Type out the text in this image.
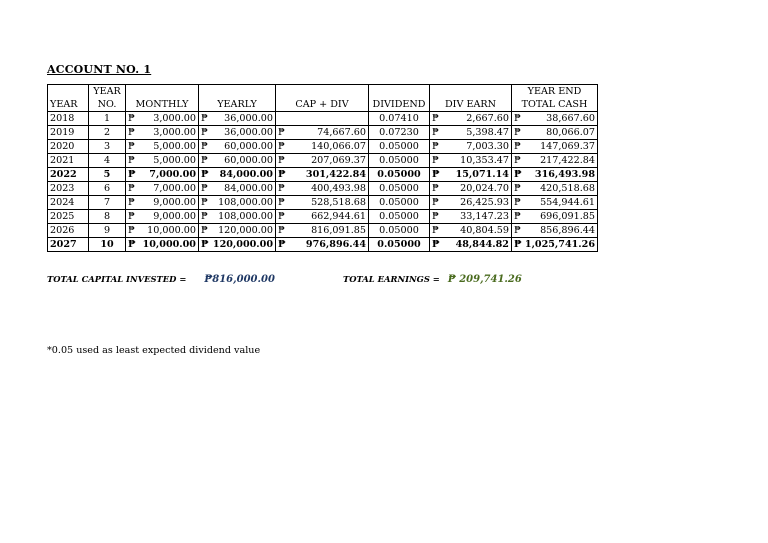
ACCOUNT NO. 1
	YEAR						YEAR END
YEAR	NO.	MONTHLY	YEARLY	CAP + DIV	DIVIDEND	DIV EARN	TOTAL CASH
2018	1	₱ 3,000.00	₱ 36,000.00		0.07410	₱ 2,667.60	₱ 38,667.60

2019	2	₱ 3,000.00	₱ 36,000.00	₱ 74,667.60	0.07230	₱ 5,398.47	₱ 80,066.07

2020	3	₱ 5,000.00	₱ 60,000.00	₱ 140,066.07	0.05000	₱ 7,003.30	₱ 147,069.37

2021	4	₱ 5,000.00	₱ 60,000.00	₱ 207,069.37	0.05000	₱ 10,353.47	₱ 217,422.84

2022	5	₱ 7,000.00	₱ 84,000.00	₱ 301,422.84	0.05000	₱ 15,071.14	₱ 316,493.98

2023	6	₱ 7,000.00	₱ 84,000.00	₱ 400,493.98	0.05000	₱ 20,024.70	₱ 420,518.68

2024	7	₱ 9,000.00	₱ 108,000.00	₱ 528,518.68	0.05000	₱ 26,425.93	₱ 554,944.61

2025	8	₱ 9,000.00	₱ 108,000.00	₱ 662,944.61	0.05000	₱ 33,147.23	₱ 696,091.85

2026	9	₱ 10,000.00	₱ 120,000.00	₱ 816,091.85	0.05000	₱ 40,804.59	₱ 856,896.44

2027	10	₱ 10,000.00	₱ 120,000.00	₱ 976,896.44	0.05000	₱ 48,844.82	₱ 1,025,741.26
TOTAL CAPITAL INVESTED = ₱816,000.00	TOTAL EARNINGS = ₱ 209,741.26
*0.05 used as least expected dividend value
